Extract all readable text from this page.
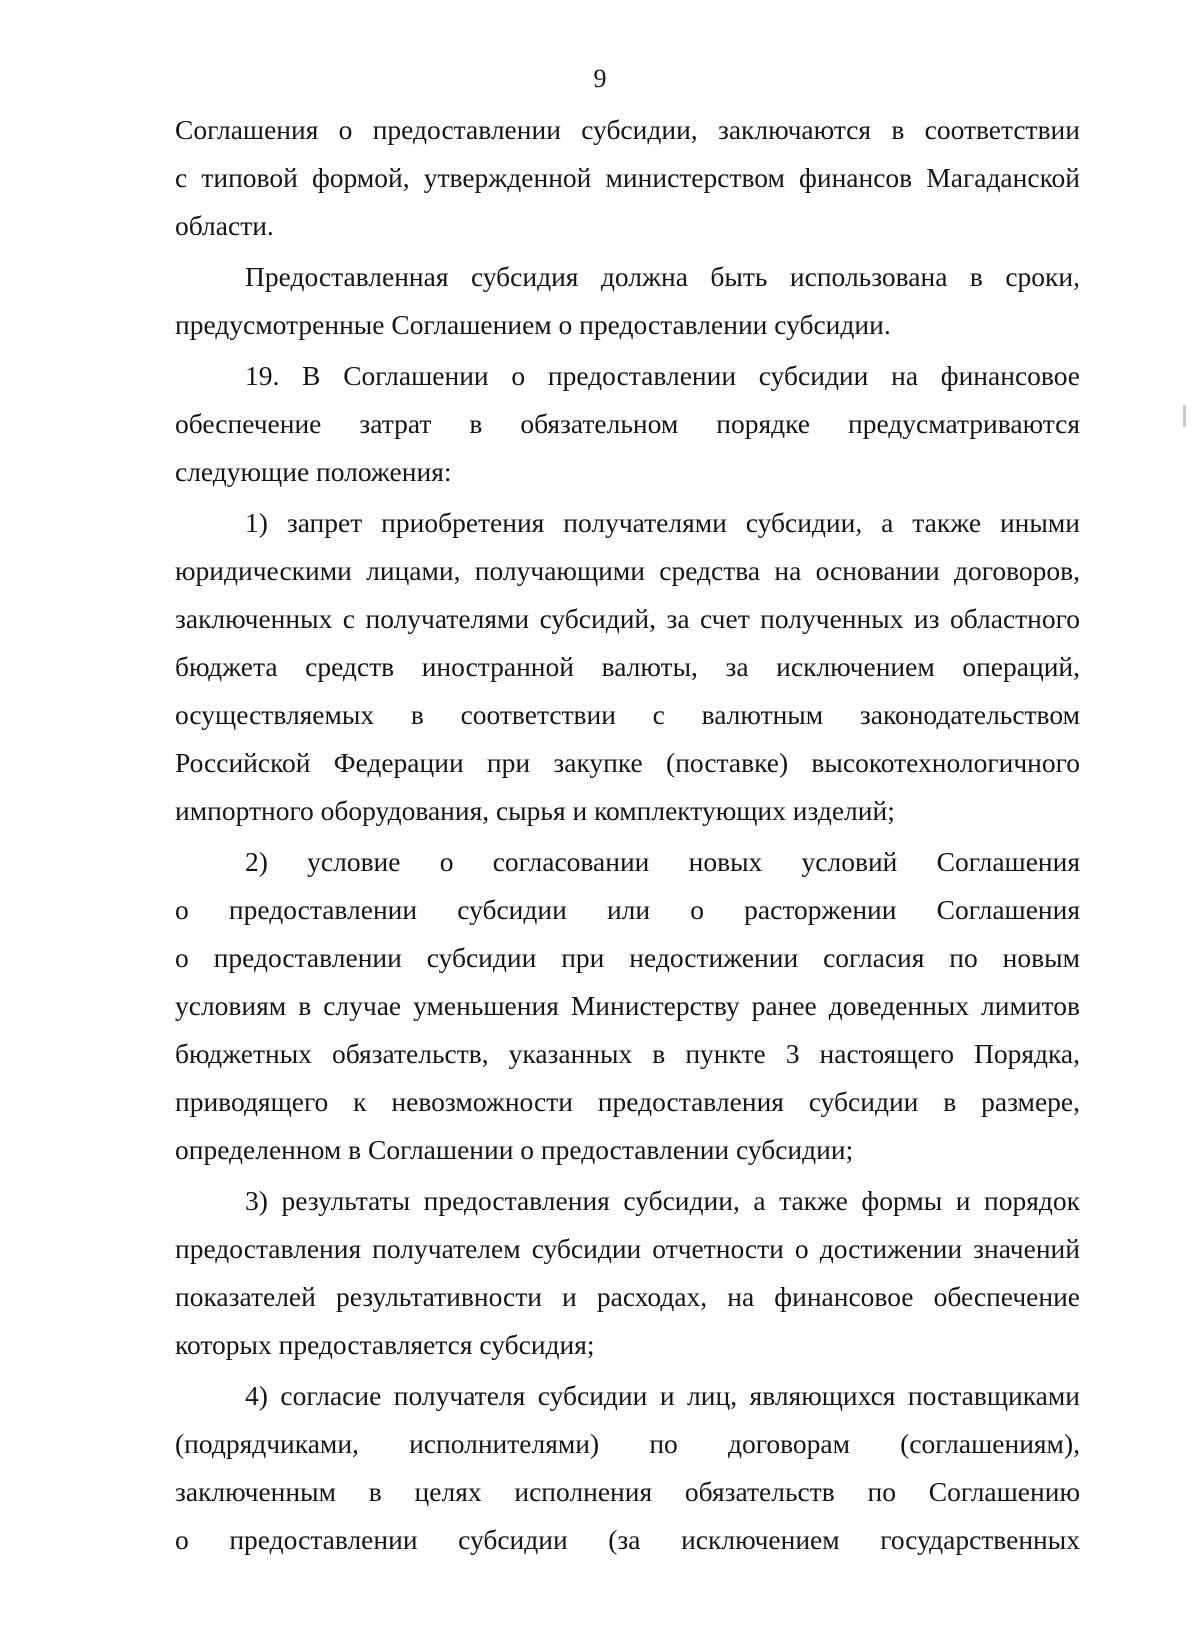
9
Соглашения о предоставлении субсидии, заключаются в соответствии
с типовой формой, утвержденной министерством финансов Магаданской
области.
Предоставленная субсидия должна быть использована в сроки,
предусмотренные Соглашением о предоставлении субсидии.
19. В Соглашении о предоставлении субсидии на финансовое
обеспечение затрат в обязательном порядке предусматриваются
следующие положения:
1) запрет приобретения получателями субсидии, а также иными
юридическими лицами, получающими средства на основании договоров,
заключенных с получателями субсидий, за счет полученных из областного
бюджета средств иностранной валюты, за исключением операций,
осуществляемых в соответствии с валютным законодательством
Российской Федерации при закупке (поставке) высокотехнологичного
импортного оборудования, сырья и комплектующих изделий;
2) условие о согласовании новых условий Соглашения
о предоставлении субсидии или о расторжении Соглашения
о предоставлении субсидии при недостижении согласия по новым
условиям в случае уменьшения Министерству ранее доведенных лимитов
бюджетных обязательств, указанных в пункте 3 настоящего Порядка,
приводящего к невозможности предоставления субсидии в размере,
определенном в Соглашении о предоставлении субсидии;
3) результаты предоставления субсидии, а также формы и порядок
предоставления получателем субсидии отчетности о достижении значений
показателей результативности и расходах, на финансовое обеспечение
которых предоставляется субсидия;
4) согласие получателя субсидии и лиц, являющихся поставщиками
(подрядчиками, исполнителями) по договорам (соглашениям),
заключенным в целях исполнения обязательств по Соглашению
о предоставлении субсидии (за исключением государственных
